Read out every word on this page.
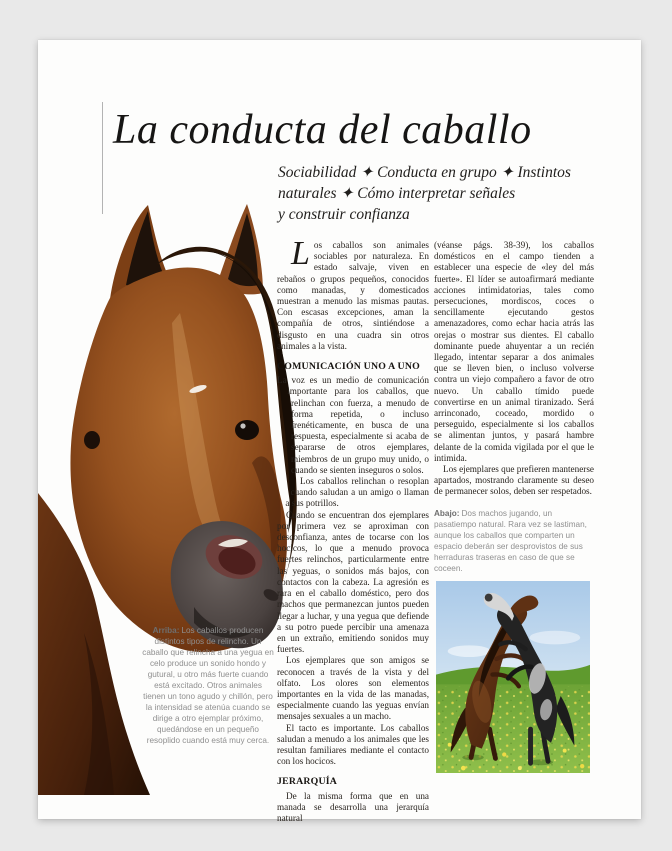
La conducta del caballo
Sociabilidad ✦ Conducta en grupo ✦ Instintos
naturales ✦ Cómo interpretar señales
y construir confianza
Arriba: Los caballos producen distintos tipos de relincho. Un caballo que relincha a una yegua en celo produce un sonido hondo y gutural, u otro más fuerte cuando está excitado. Otros animales tienen un tono agudo y chillón, pero la intensidad se atenúa cuando se dirige a otro ejemplar próximo, quedándose en un pequeño resoplido cuando está muy cerca.

Los caballos son animales sociables por naturaleza. En estado salvaje, viven en rebaños o grupos pequeños, conocidos como manadas, y domesticados muestran a menudo las mismas pautas. Con escasas excepciones, aman la compañía de otros, sintiéndose a disgusto en una cuadra sin otros animales a la vista.

COMUNICACIÓN UNO A UNO

La voz es un medio de comunicación importante para los caballos, que relinchan con fuerza, a menudo de forma repetida, o incluso frenéticamente, en busca de una respuesta, especialmente si acaba de separarse de otros ejemplares, miembros de un grupo muy unido, o cuando se sienten inseguros o solos.

Los caballos relinchan o resoplan cuando saludan a un amigo o llaman a sus potrillos.

Cuando se encuentran dos ejemplares por primera vez se aproximan con desconfianza, antes de tocarse con los hocicos, lo que a menudo provoca fuertes relinchos, particularmente entre las yeguas, o sonidos más bajos, con contactos con la cabeza. La agresión es rara en el caballo doméstico, pero dos machos que permanezcan juntos pueden llegar a luchar, y una yegua que defiende a su potro puede percibir una amenaza en un extraño, emitiendo sonidos muy fuertes.

Los ejemplares que son amigos se reconocen a través de la vista y del olfato. Los olores son elementos importantes en la vida de las manadas, especialmente cuando las yeguas envían mensajes sexuales a un macho.

El tacto es importante. Los caballos saludan a menudo a los animales que les resultan familiares mediante el contacto con los hocicos.

JERARQUÍA

De la misma forma que en una manada se desarrolla una jerarquía natural

(véanse págs. 38-39), los caballos domésticos en el campo tienden a establecer una especie de «ley del más fuerte». El líder se autoafirmará mediante acciones intimidatorias, tales como persecuciones, mordiscos, coces o sencillamente ejecutando gestos amenazadores, como echar hacia atrás las orejas o mostrar sus dientes. El caballo dominante puede ahuyentar a un recién llegado, intentar separar a dos animales que se lleven bien, o incluso volverse contra un viejo compañero a favor de otro nuevo. Un caballo tímido puede convertirse en un animal tiranizado. Será arrinconado, coceado, mordido o perseguido, especialmente si los caballos se alimentan juntos, y pasará hambre delante de la comida vigilada por el que le intimida.

Los ejemplares que prefieren mantenerse apartados, mostrando claramente su deseo de permanecer solos, deben ser respetados.

Abajo: Dos machos jugando, un pasatiempo natural. Rara vez se lastiman, aunque los caballos que comparten un espacio deberán ser desprovistos de sus herraduras traseras en caso de que se coceen.
